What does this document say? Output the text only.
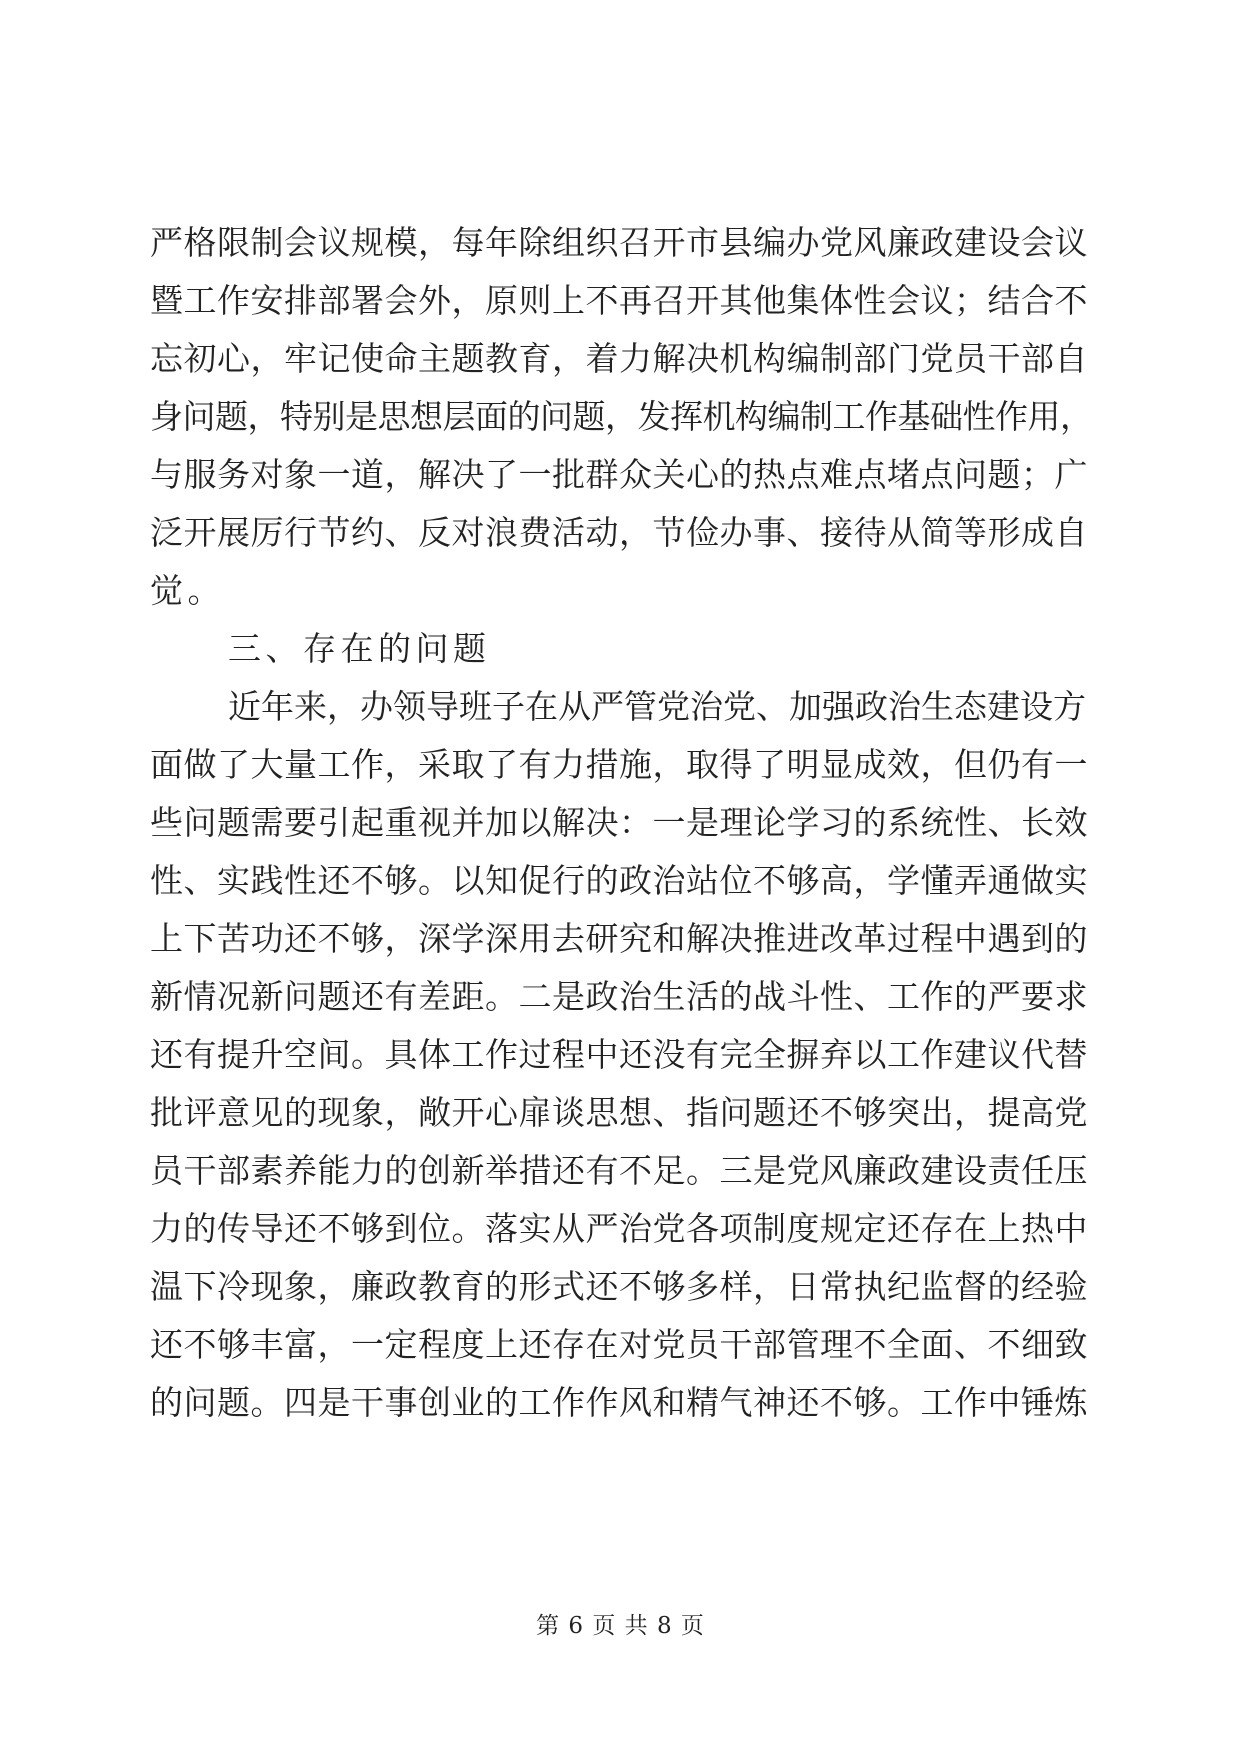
严格限制会议规模，每年除组织召开市县编办党风廉政建设会议
暨工作安排部署会外，原则上不再召开其他集体性会议；结合不
忘初心，牢记使命主题教育，着力解决机构编制部门党员干部自
身问题，特别是思想层面的问题，发挥机构编制工作基础性作用，
与服务对象一道，解决了一批群众关心的热点难点堵点问题；广
泛开展厉行节约、反对浪费活动，节俭办事、接待从简等形成自
觉。
三、存在的问题
近年来，办领导班子在从严管党治党、加强政治生态建设方
面做了大量工作，采取了有力措施，取得了明显成效，但仍有一
些问题需要引起重视并加以解决：一是理论学习的系统性、长效
性、实践性还不够。以知促行的政治站位不够高，学懂弄通做实
上下苦功还不够，深学深用去研究和解决推进改革过程中遇到的
新情况新问题还有差距。二是政治生活的战斗性、工作的严要求
还有提升空间。具体工作过程中还没有完全摒弃以工作建议代替
批评意见的现象，敞开心扉谈思想、指问题还不够突出，提高党
员干部素养能力的创新举措还有不足。三是党风廉政建设责任压
力的传导还不够到位。落实从严治党各项制度规定还存在上热中
温下冷现象，廉政教育的形式还不够多样，日常执纪监督的经验
还不够丰富，一定程度上还存在对党员干部管理不全面、不细致
的问题。四是干事创业的工作作风和精气神还不够。工作中锤炼
第 6 页 共 8 页
